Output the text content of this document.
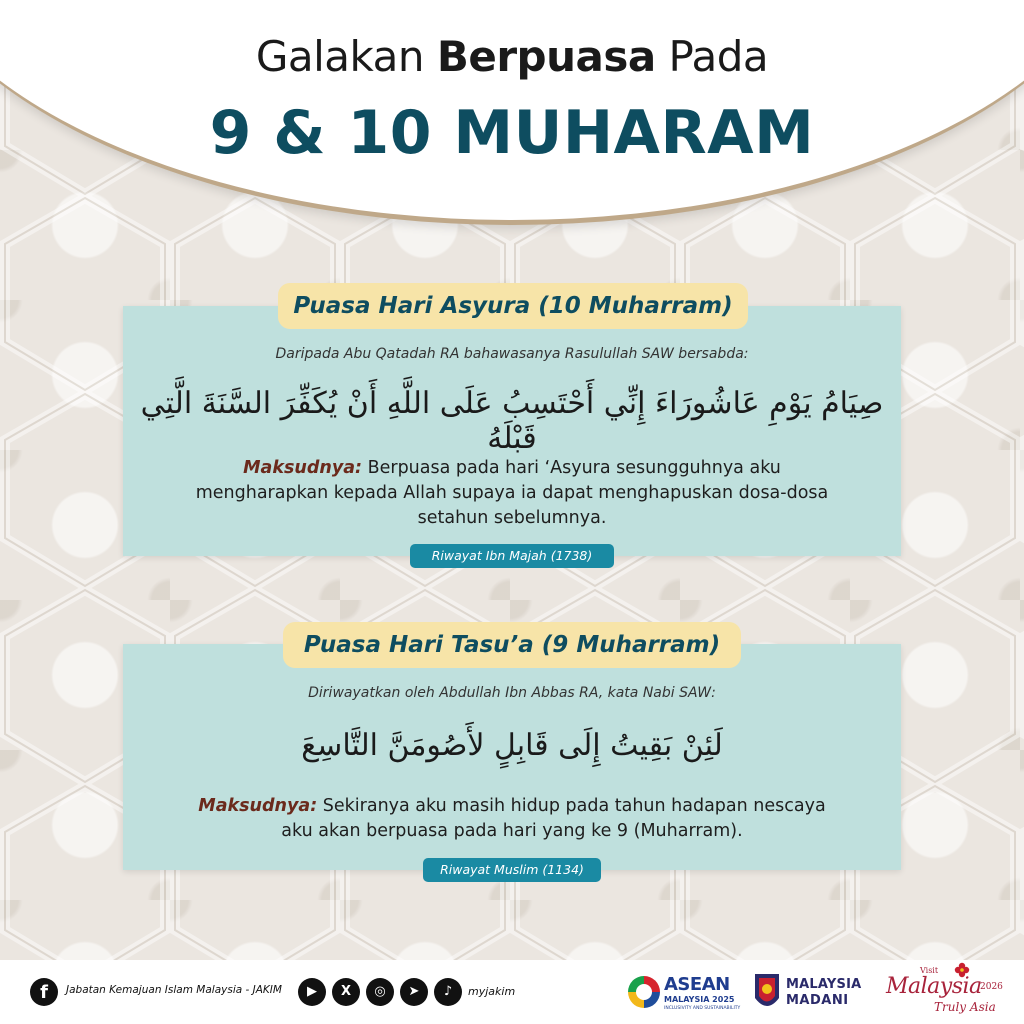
Galakan Berpuasa Pada
9 & 10 MUHARAM
Puasa Hari Asyura (10 Muharram)
Daripada Abu Qatadah RA bahawasanya Rasulullah SAW bersabda:
صِيَامُ يَوْمِ عَاشُورَاءَ إِنِّي أَحْتَسِبُ عَلَى اللَّهِ أَنْ يُكَفِّرَ السَّنَةَ الَّتِي قَبْلَهُ
Maksudnya: Berpuasa pada hari ‘Asyura sesungguhnya aku mengharapkan kepada Allah supaya ia dapat menghapuskan dosa-dosa setahun sebelumnya.
Riwayat Ibn Majah (1738)
Puasa Hari Tasu’a (9 Muharram)
Diriwayatkan oleh Abdullah Ibn Abbas RA, kata Nabi SAW:
لَئِنْ بَقِيتُ إِلَى قَابِلٍ لأَصُومَنَّ التَّاسِعَ
Maksudnya: Sekiranya aku masih hidup pada tahun hadapan nescaya aku akan berpuasa pada hari yang ke 9 (Muharram).
Riwayat Muslim (1134)
f	Jabatan Kemajuan Islam Malaysia - JAKIM	▶	X	◎	➤	♪	myjakim	ASEAN
MALAYSIA 2025
INCLUSIVITY AND SUSTAINABILITY
MALAYSIA
MADANI
Visit
Malaysia
2026
Truly Asia
